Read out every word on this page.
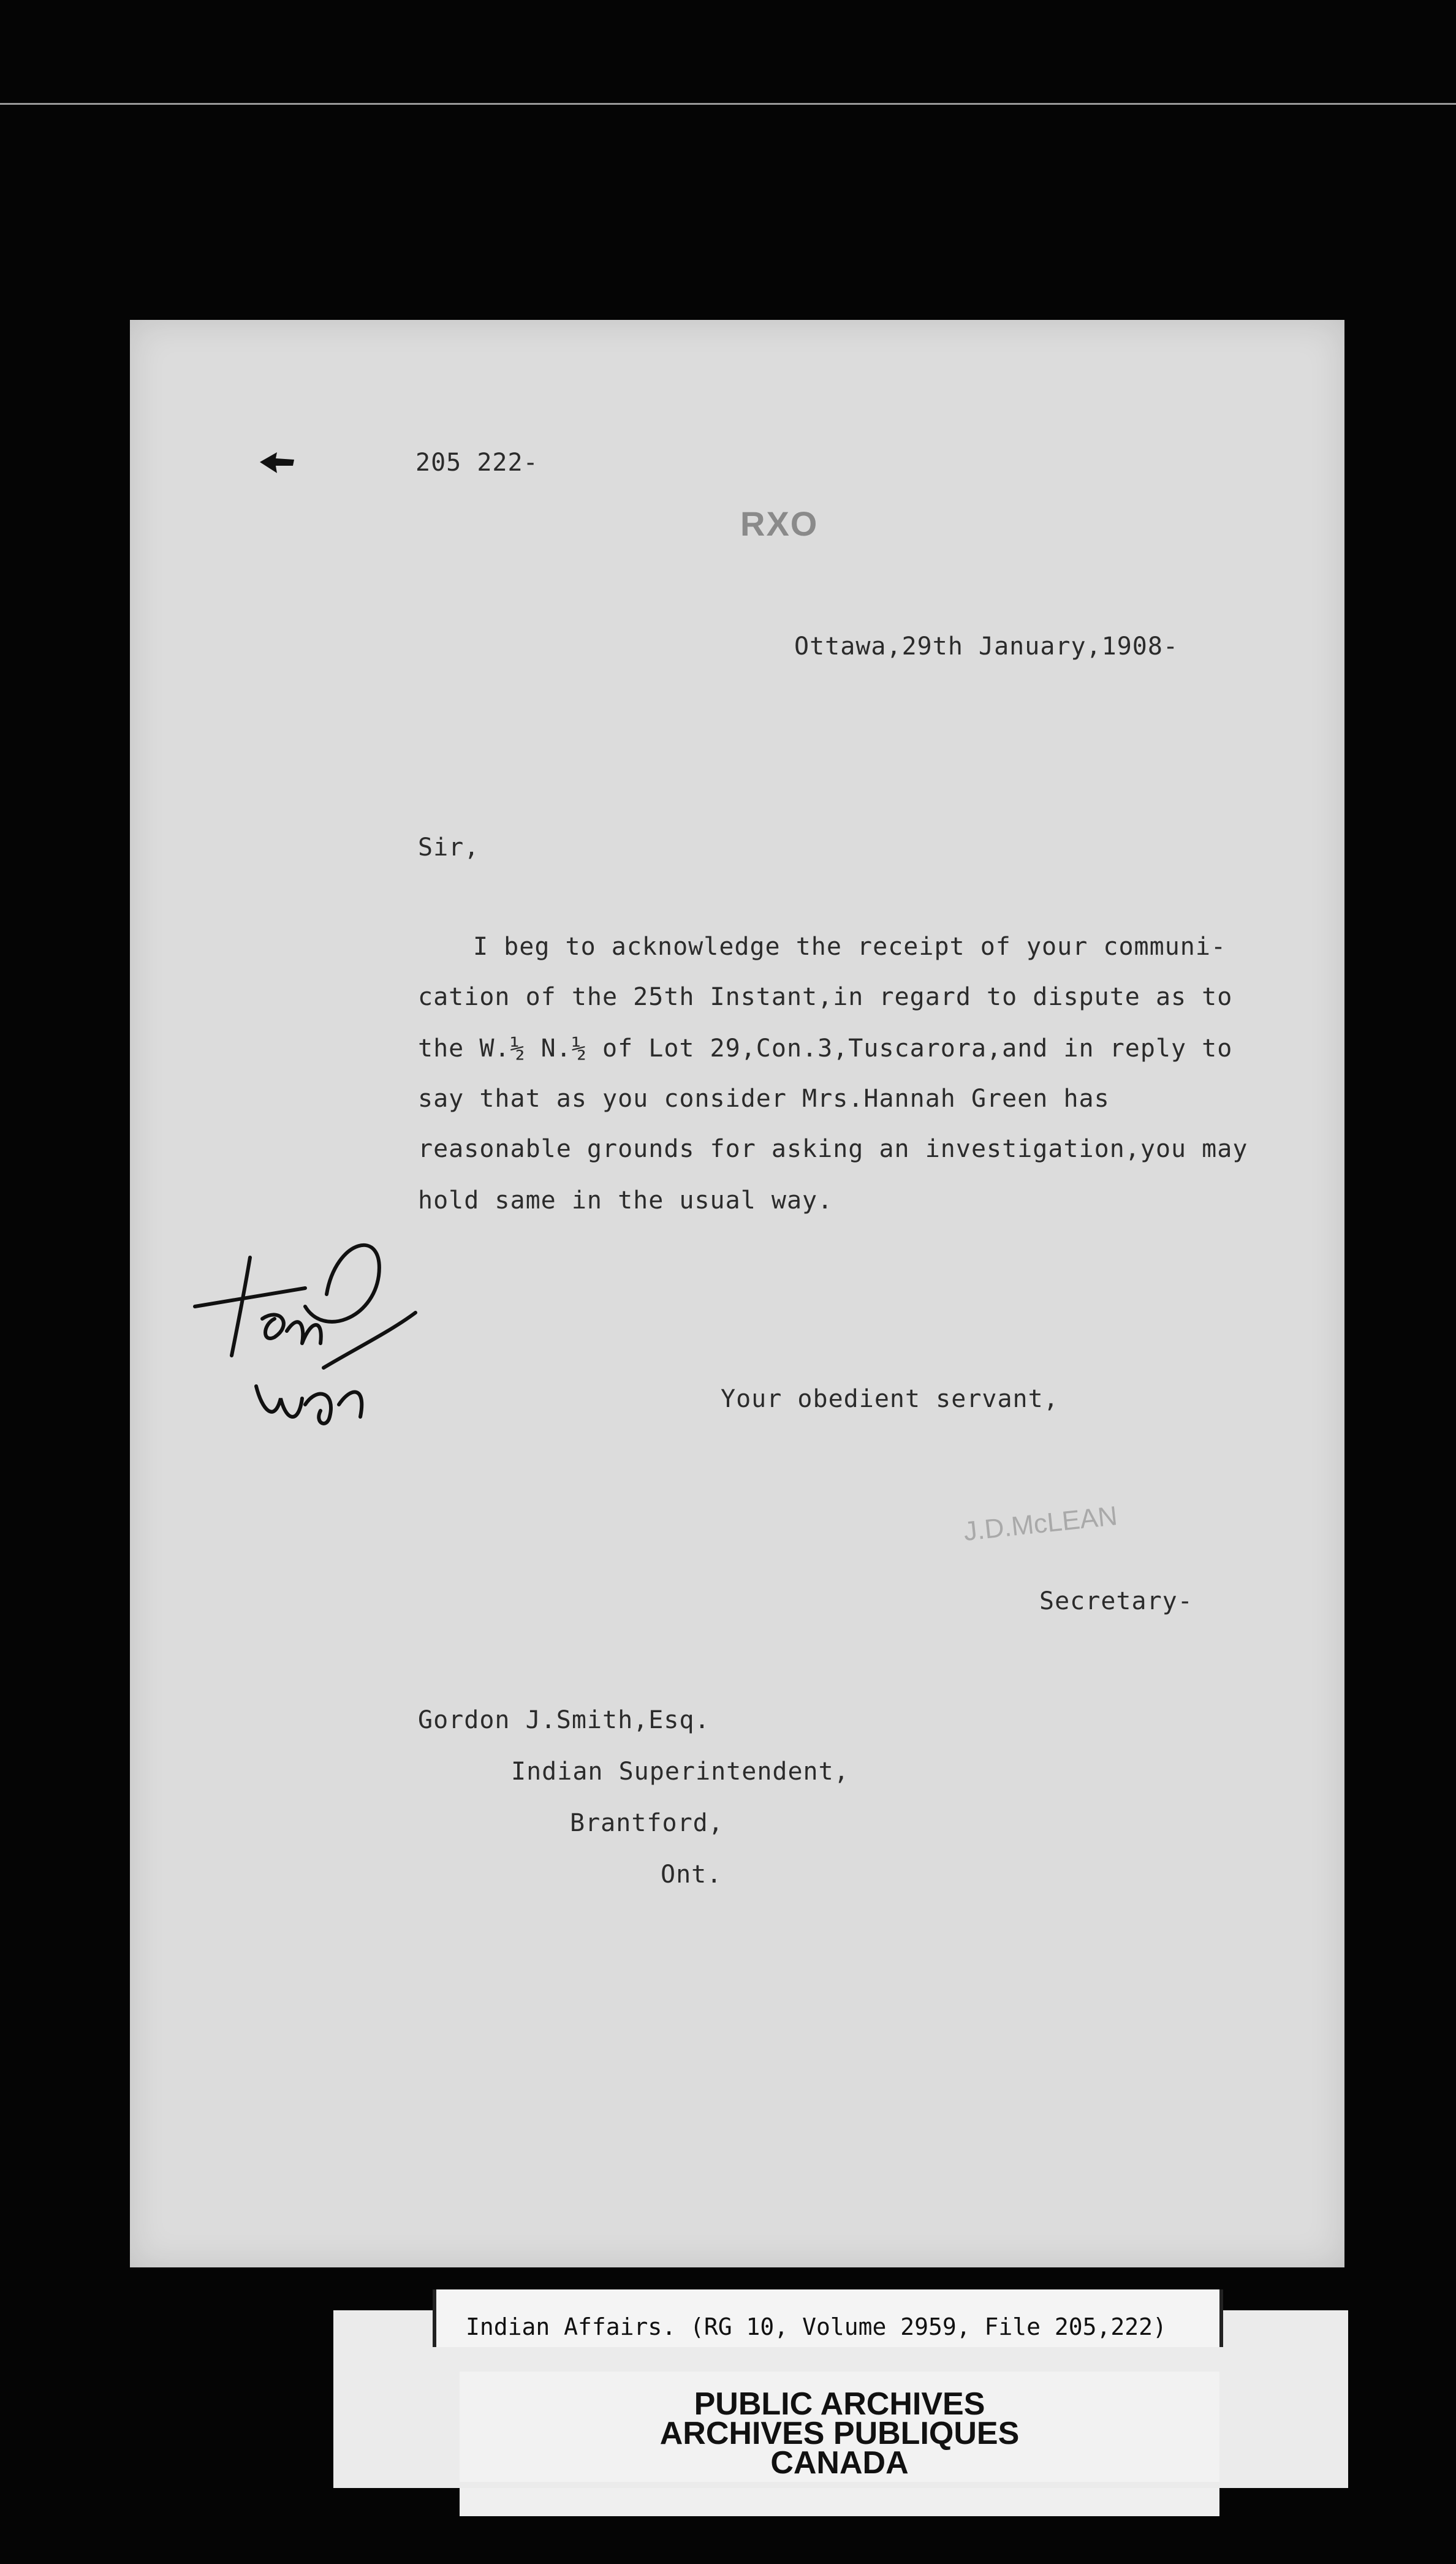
205 222-
RXO
Ottawa,29th January,1908-
Sir,
I beg to acknowledge the receipt of your communi-
cation of the 25th Instant,in regard to dispute as to
the W.½ N.½ of Lot 29,Con.3,Tuscarora,and in reply to
say that as you consider Mrs.Hannah Green has
reasonable grounds for asking an investigation,you may
hold same in the usual way.
Your obedient servant,
J.D.McLEAN
Secretary-
Gordon J.Smith,Esq.
Indian Superintendent,
Brantford,
Ont.
Indian Affairs. (RG 10, Volume 2959, File 205,222)
PUBLIC ARCHIVES
ARCHIVES PUBLIQUES
CANADA
